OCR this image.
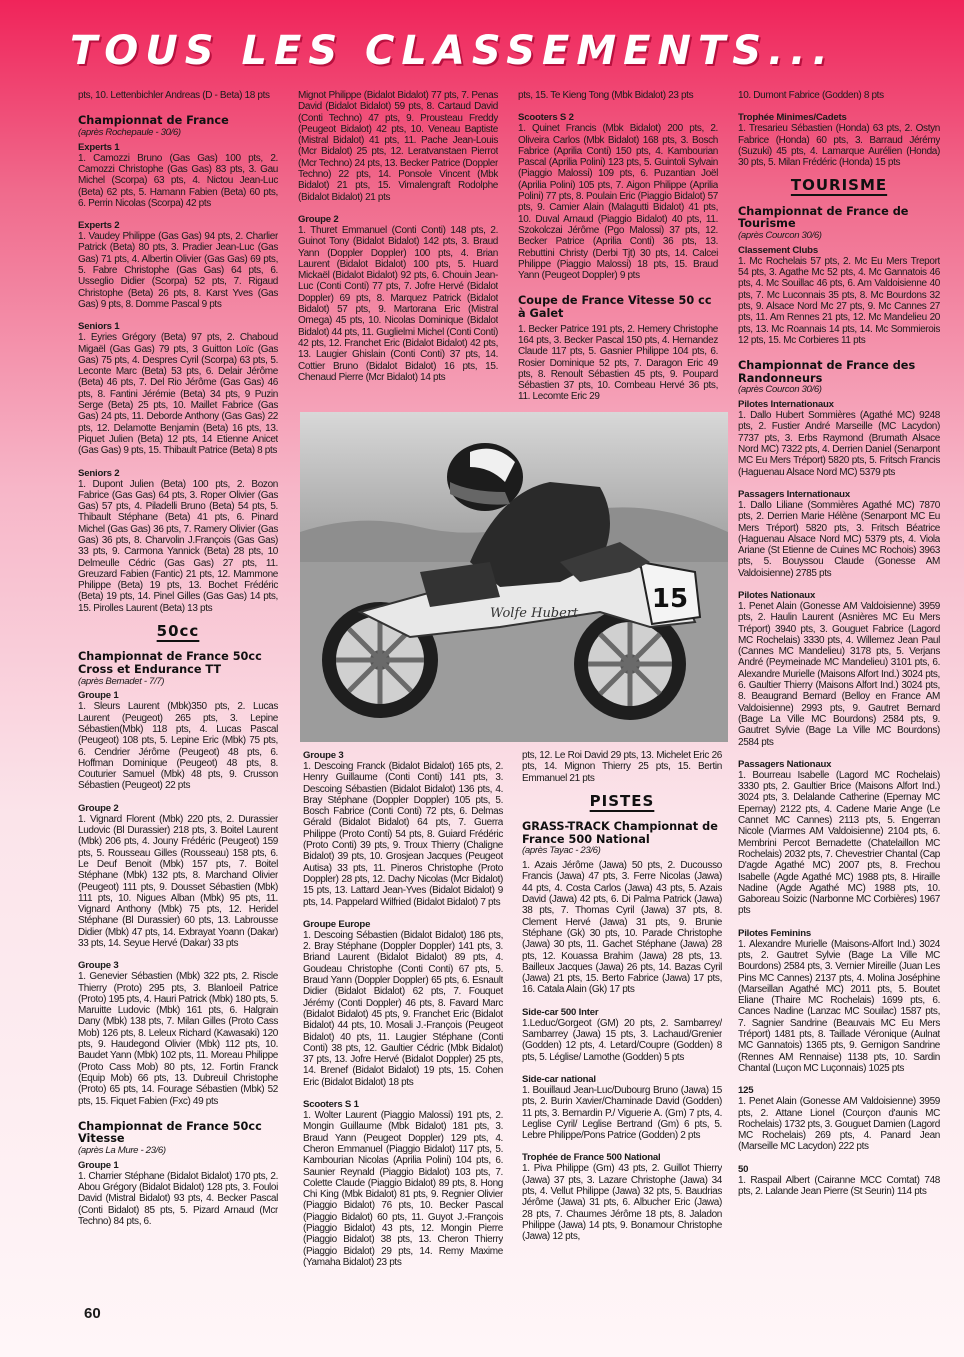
TOUS LES CLASSEMENTS...

pts, 10. Lettenbichler Andreas (D - Beta) 18 pts

Championnat de France
(après Rochepaule - 30/6)
Experts 1

1. Camozzi Bruno (Gas Gas) 100 pts, 2. Camozzi Christophe (Gas Gas) 83 pts, 3. Gau Michel (Scorpa) 63 pts, 4. Nictou Jean-Luc (Beta) 62 pts, 5. Hamann Fabien (Beta) 60 pts, 6. Perrin Nicolas (Scorpa) 42 pts

Experts 2

1. Vaudey Philippe (Gas Gas) 94 pts, 2. Charlier Patrick (Beta) 80 pts, 3. Pradier Jean-Luc (Gas Gas) 71 pts, 4. Albertin Olivier (Gas Gas) 69 pts, 5. Fabre Christophe (Gas Gas) 64 pts, 6. Usseglio Didier (Scorpa) 52 pts, 7. Rigaud Christophe (Beta) 26 pts, 8. Karst Yves (Gas Gas) 9 pts, 8. Domme Pascal 9 pts

Seniors 1

1. Eyries Grégory (Beta) 97 pts, 2. Chaboud Migaël (Gas Gas) 79 pts, 3 Guitton Loïc (Gas Gas) 75 pts, 4. Despres Cyril (Scorpa) 63 pts, 5. Leconte Marc (Beta) 53 pts, 6. Delair Jérôme (Beta) 46 pts, 7. Del Rio Jérôme (Gas Gas) 46 pts, 8. Fantini Jérémie (Beta) 34 pts, 9 Puzin Serge (Beta) 25 pts, 10. Maillet Fabrice (Gas Gas) 24 pts, 11. Deborde Anthony (Gas Gas) 22 pts, 12. Delamotte Benjamin (Beta) 16 pts, 13. Piquet Julien (Beta) 12 pts, 14 Etienne Anicet (Gas Gas) 9 pts, 15. Thibault Patrice (Beta) 8 pts

Seniors 2

1. Dupont Julien (Beta) 100 pts, 2. Bozon Fabrice (Gas Gas) 64 pts, 3. Roper Olivier (Gas Gas) 57 pts, 4. Piladelli Bruno (Beta) 54 pts, 5. Thibault Stéphane (Beta) 41 pts, 6. Pinard Michel (Gas Gas) 36 pts, 7. Ramery Olivier (Gas Gas) 36 pts, 8. Charvolin J.François (Gas Gas) 33 pts, 9. Carmona Yannick (Beta) 28 pts, 10 Delmeulle Cédric (Gas Gas) 27 pts, 11. Greuzard Fabien (Fantic) 21 pts, 12. Mammone Philippe (Beta) 19 pts, 13. Bochet Frédéric (Beta) 19 pts, 14. Pinel Gilles (Gas Gas) 14 pts, 15. Pirolles Laurent (Beta) 13 pts

50cc
Championnat de France 50cc Cross et Endurance TT
(après Bernadet - 7/7)
Groupe 1

1. Sleurs Laurent (Mbk)350 pts, 2. Lucas Laurent (Peugeot) 265 pts, 3. Lepine Sébastien(Mbk) 118 pts, 4. Lucas Pascal (Peugeot) 108 pts, 5. Lepine Eric (Mbk) 75 pts, 6. Cendrier Jérôme (Peugeot) 48 pts, 6. Hoffman Dominique (Peugeot) 48 pts, 8. Couturier Samuel (Mbk) 48 pts, 9. Crusson Sébastien (Peugeot) 22 pts

Groupe 2

1. Vignard Florent (Mbk) 220 pts, 2. Durassier Ludovic (Bl Durassier) 218 pts, 3. Boitel Laurent (Mbk) 206 pts, 4. Jouny Frédéric (Peugeot) 159 pts, 5. Rousseau Gilles (Rousseau) 158 pts, 6. Le Deuf Benoit (Mbk) 157 pts, 7. Boitel Stéphane (Mbk) 132 pts, 8. Marchand Olivier (Peugeot) 111 pts, 9. Dousset Sébastien (Mbk) 111 pts, 10. Nigues Alban (Mbk) 95 pts, 11. Vignard Anthony (Mbk) 75 pts, 12. Heridel Stéphane (Bl Durassier) 60 pts, 13. Labrousse Didier (Mbk) 47 pts, 14. Exbrayat Yoann (Dakar) 33 pts, 14. Seyue Hervé (Dakar) 33 pts

Groupe 3

1. Genevier Sébastien (Mbk) 322 pts, 2. Riscle Thierry (Proto) 295 pts, 3. Blanloeil Patrice (Proto) 195 pts, 4. Hauri Patrick (Mbk) 180 pts, 5. Maruitte Ludovic (Mbk) 161 pts, 6. Halgrain Dany (Mbk) 138 pts, 7. Milan Gilles (Proto Cass Mob) 126 pts, 8. Leleux Richard (Kawasaki) 120 pts, 9. Haudegond Olivier (Mbk) 112 pts, 10. Baudet Yann (Mbk) 102 pts, 11. Moreau Philippe (Proto Cass Mob) 80 pts, 12. Fortin Franck (Equip Mob) 66 pts, 13. Dubreuil Christophe (Proto) 65 pts, 14. Fourage Sébastien (Mbk) 52 pts, 15. Fiquet Fabien (Fxc) 49 pts

Championnat de France 50cc Vitesse
(après La Mure - 23/6)
Groupe 1

1. Charrier Stéphane (Bidalot Bidalot) 170 pts, 2. Abou Grégory (Bidalot Bidalot) 128 pts, 3. Fouloi David (Mistral Bidalot) 93 pts, 4. Becker Pascal (Conti Bidalot) 85 pts, 5. Pizard Arnaud (Mcr Techno) 84 pts, 6.

Mignot Philippe (Bidalot Bidalot) 77 pts, 7. Penas David (Bidalot Bidalot) 59 pts, 8. Cartaud David (Conti Techno) 47 pts, 9. Prousteau Freddy (Peugeot Bidalot) 42 pts, 10. Veneau Baptiste (Mistral Bidalot) 41 pts, 11. Pache Jean-Louis (Mcr Bidalot) 25 pts, 12. Leratvanstaen Pierrot (Mcr Techno) 24 pts, 13. Becker Patrice (Doppler Techno) 22 pts, 14. Ponsole Vincent (Mbk Bidalot) 21 pts, 15. Vimalengraft Rodolphe (Bidalot Bidalot) 21 pts

Groupe 2

1. Thuret Emmanuel (Conti Conti) 148 pts, 2. Guinot Tony (Bidalot Bidalot) 142 pts, 3. Braud Yann (Doppler Doppler) 100 pts, 4. Brian Laurent (Bidalot Bidalot) 100 pts, 5. Huard Mickaël (Bidalot Bidalot) 92 pts, 6. Chouin Jean-Luc (Conti Conti) 77 pts, 7. Jofre Hervé (Bidalot Doppler) 69 pts, 8. Marquez Patrick (Bidalot Bidalot) 57 pts, 9. Martorana Eric (Mistral Omega) 45 pts, 10. Nicolas Dominique (Bidalot Bidalot) 44 pts, 11. Guglielmi Michel (Conti Conti) 42 pts, 12. Franchet Eric (Bidalot Bidalot) 42 pts, 13. Laugier Ghislain (Conti Conti) 37 pts, 14. Cottier Bruno (Bidalot Bidalot) 16 pts, 15. Chenaud Pierre (Mcr Bidalot) 14 pts

pts, 15. Te Kieng Tong (Mbk Bidalot) 23 pts

Scooters S 2

1. Quinet Francis (Mbk Bidalot) 200 pts, 2. Oliveira Carlos (Mbk Bidalot) 168 pts, 3. Bosch Fabrice (Aprilia Conti) 150 pts, 4. Kambourian Pascal (Aprilia Polini) 123 pts, 5. Guintoli Sylvain (Piaggio Malossi) 109 pts, 6. Puzantian Joël (Aprilia Polini) 105 pts, 7. Aigon Philippe (Aprilia Polini) 77 pts, 8. Poulain Eric (Piaggio Bidalot) 57 pts, 9. Camier Alain (Malagutti Bidalot) 41 pts, 10. Duval Arnaud (Piaggio Bidalot) 40 pts, 11. Szokolczai Jérôme (Pgo Malossi) 37 pts, 12. Becker Patrice (Aprilia Conti) 36 pts, 13. Rebuttini Christy (Derbi Tjt) 30 pts, 14. Calcei Philippe (Piaggio Malossi) 18 pts, 15. Braud Yann (Peugeot Doppler) 9 pts

Coupe de France Vitesse 50 cc à Galet

1. Becker Patrice 191 pts, 2. Hemery Christophe 164 pts, 3. Becker Pascal 150 pts, 4. Hernandez Claude 117 pts, 5. Gasnier Philippe 104 pts, 6. Rosier Dominique 52 pts, 7. Daragon Eric 49 pts, 8. Renoult Sébastien 45 pts, 9. Poupard Sébastien 37 pts, 10. Combeau Hervé 36 pts, 11. Lecomte Eric 29

Groupe 3

1. Descoing Franck (Bidalot Bidalot) 165 pts, 2. Henry Guillaume (Conti Conti) 141 pts, 3. Descoing Sébastien (Bidalot Bidalot) 136 pts, 4. Bray Stéphane (Doppler Doppler) 105 pts, 5. Bosch Fabrice (Conti Conti) 72 pts, 6. Delmas Gérald (Bidalot Bidalot) 64 pts, 7. Guerra Philippe (Proto Conti) 54 pts, 8. Guiard Frédéric (Proto Conti) 39 pts, 9. Troux Thierry (Chaligne Bidalot) 39 pts, 10. Grosjean Jacques (Peugeot Autisa) 33 pts, 11. Pineros Christophe (Proto Doppler) 28 pts, 12. Dachy Nicolas (Mcr Bidalot) 15 pts, 13. Lattard Jean-Yves (Bidalot Bidalot) 9 pts, 14. Pappelard Wilfried (Bidalot Bidalot) 7 pts

Groupe Europe

1. Descoing Sébastien (Bidalot Bidalot) 186 pts, 2. Bray Stéphane (Doppler Doppler) 141 pts, 3. Briand Laurent (Bidalot Bidalot) 89 pts, 4. Goudeau Christophe (Conti Conti) 67 pts, 5. Braud Yann (Doppler Doppler) 65 pts, 6. Esnault Didier (Bidalot Bidalot) 62 pts, 7. Fouquet Jérémy (Conti Doppler) 46 pts, 8. Favard Marc (Bidalot Bidalot) 45 pts, 9. Franchet Eric (Bidalot Bidalot) 44 pts, 10. Mosali J.-François (Peugeot Bidalot) 40 pts, 11. Laugier Stéphane (Conti Conti) 38 pts, 12. Gaultier Cédric (Mbk Bidalot) 37 pts, 13. Jofre Hervé (Bidalot Doppler) 25 pts, 14. Brenef (Bidalot Bidalot) 19 pts, 15. Cohen Eric (Bidalot Bidalot) 18 pts

Scooters S 1

1. Wolter Laurent (Piaggio Malossi) 191 pts, 2. Mongin Guillaume (Mbk Bidalot) 181 pts, 3. Braud Yann (Peugeot Doppler) 129 pts, 4. Cheron Emmanuel (Piaggio Bidalot) 117 pts, 5. Kambourian Nicolas (Aprilia Polini) 104 pts, 6. Saunier Reynald (Piaggio Bidalot) 103 pts, 7. Colette Claude (Piaggio Bidalot) 89 pts, 8. Hong Chi King (Mbk Bidalot) 81 pts, 9. Regnier Olivier (Piaggio Bidalot) 76 pts, 10. Becker Pascal (Piaggio Bidalot) 60 pts, 11. Guyot J.-François (Piaggio Bidalot) 43 pts, 12. Mongin Pierre (Piaggio Bidalot) 38 pts, 13. Cheron Thierry (Piaggio Bidalot) 29 pts, 14. Remy Maxime (Yamaha Bidalot) 23 pts

pts, 12. Le Roi David 29 pts, 13. Michelet Eric 26 pts, 14. Mignon Thierry 25 pts, 15. Bertin Emmanuel 21 pts

PISTES
GRASS-TRACK Championnat de France 500 National
(après Tayac - 23/6)

1. Azais Jérôme (Jawa) 50 pts, 2. Ducousso Francis (Jawa) 47 pts, 3. Ferre Nicolas (Jawa) 44 pts, 4. Costa Carlos (Jawa) 43 pts, 5. Azais David (Jawa) 42 pts, 6. Di Palma Patrick (Jawa) 38 pts, 7. Thomas Cyril (Jawa) 37 pts, 8. Clement Hervé (Jawa) 31 pts, 9. Brunie Stéphane (Gk) 30 pts, 10. Parade Christophe (Jawa) 30 pts, 11. Gachet Stéphane (Jawa) 28 pts, 12. Kouassa Brahim (Jawa) 28 pts, 13. Bailleux Jacques (Jawa) 26 pts, 14. Bazas Cyril (Jawa) 21 pts, 15. Berto Fabrice (Jawa) 17 pts, 16. Catala Alain (Gk) 17 pts

Side-car 500 Inter

1.Leduc/Gorgeot (GM) 20 pts, 2. Sambarrey/ Sambarrey (Jawa) 15 pts, 3. Lachaud/Grenier (Godden) 12 pts, 4. Letard/Coupre (Godden) 8 pts, 5. Léglise/ Lamothe (Godden) 5 pts

Side-car national

1. Bouillaud Jean-Luc/Dubourg Bruno (Jawa) 15 pts, 2. Burin Xavier/Chaminade David (Godden) 11 pts, 3. Bernardin P./ Viguerie A. (Gm) 7 pts, 4. Leglise Cyril/ Leglise Bertrand (Gm) 6 pts, 5. Lebre Philippe/Pons Patrice (Godden) 2 pts

Trophée de France 500 National

1. Piva Philippe (Gm) 43 pts, 2. Guillot Thierry (Jawa) 37 pts, 3. Lazare Christophe (Jawa) 34 pts, 4. Vellut Philippe (Jawa) 32 pts, 5. Baudrias Jérôme (Jawa) 31 pts, 6. Albucher Eric (Jawa) 28 pts, 7. Chaumes Jérôme 18 pts, 8. Jaladon Philippe (Jawa) 14 pts, 9. Bonamour Christophe (Jawa) 12 pts,

10. Dumont Fabrice (Godden) 8 pts

Trophée Minimes/Cadets

1. Tresarieu Sébastien (Honda) 63 pts, 2. Ostyn Fabrice (Honda) 60 pts, 3. Barraud Jérémy (Suzuki) 45 pts, 4. Lamarque Aurélien (Honda) 30 pts, 5. Milan Frédéric (Honda) 15 pts

TOURISME
Championnat de France de Tourisme
(après Courcon 30/6)
Classement Clubs

1. Mc Rochelais 57 pts, 2. Mc Eu Mers Treport 54 pts, 3. Agathe Mc 52 pts, 4. Mc Gannatois 46 pts, 4. Mc Souillac 46 pts, 6. Am Valdoisienne 40 pts, 7. Mc Luconnais 35 pts, 8. Mc Bourdons 32 pts, 9. Alsace Nord Mc 27 pts, 9. Mc Cannes 27 pts, 11. Am Rennes 21 pts, 12. Mc Mandelieu 20 pts, 13. Mc Roannais 14 pts, 14. Mc Sommierois 12 pts, 15. Mc Corbieres 11 pts

Championnat de France des Randonneurs
(après Courcon 30/6)
Pilotes Internationaux

1. Dallo Hubert Sommières (Agathé MC) 9248 pts, 2. Fustier André Marseille (MC Lacydon) 7737 pts, 3. Erbs Raymond (Brumath Alsace Nord MC) 7322 pts, 4. Derrien Daniel (Senarpont MC Eu Mers Tréport) 5820 pts, 5. Fritsch Francis (Haguenau Alsace Nord MC) 5379 pts

Passagers Internationaux

1. Dallo Liliane (Sommières Agathé MC) 7870 pts, 2. Derrien Marie Hélène (Senarpont MC Eu Mers Tréport) 5820 pts, 3. Fritsch Béatrice (Haguenau Alsace Nord MC) 5379 pts, 4. Viola Ariane (St Etienne de Cuines MC Rochois) 3963 pts, 5. Bouyssou Claude (Gonesse AM Valdoisienne) 2785 pts

Pilotes Nationaux

1. Penet Alain (Gonesse AM Valdoisienne) 3959 pts, 2. Haulin Laurent (Asnières MC Eu Mers Tréport) 3940 pts, 3. Gouguet Fabrice (Lagord MC Rochelais) 3330 pts, 4. Willemez Jean Paul (Cannes MC Mandelieu) 3178 pts, 5. Verjans André (Peymeinade MC Mandelieu) 3101 pts, 6. Alexandre Murielle (Maisons Alfort Ind.) 3024 pts, 6. Gaultier Thierry (Maisons Alfort Ind.) 3024 pts, 8. Beaugrand Bernard (Belloy en France AM Valdoisienne) 2993 pts, 9. Gautret Bernard (Bage La Ville MC Bourdons) 2584 pts, 9. Gautret Sylvie (Bage La Ville MC Bourdons) 2584 pts

Passagers Nationaux

1. Bourreau Isabelle (Lagord MC Rochelais) 3330 pts, 2. Gaultier Brice (Maisons Alfort Ind.) 3024 pts, 3. Delalande Catherine (Epernay MC Epernay) 2122 pts, 4. Cadene Marie Ange (Le Cannet MC Cannes) 2113 pts, 5. Engerran Nicole (Viarmes AM Valdoisienne) 2104 pts, 6. Membrini Percot Bernadette (Chatelaillon MC Rochelais) 2032 pts, 7. Chevestrier Chantal (Cap D'agde Agathé MC) 2007 pts, 8. Frechou Isabelle (Agde Agathé MC) 1988 pts, 8. Hiraille Nadine (Agde Agathé MC) 1988 pts, 10. Gaboreau Soizic (Narbonne MC Corbières) 1967 pts

Pilotes Feminins

1. Alexandre Murielle (Maisons-Alfort Ind.) 3024 pts, 2. Gautret Sylvie (Bage La Ville MC Bourdons) 2584 pts, 3. Vernier Mireille (Juan Les Pins MC Cannes) 2137 pts, 4. Molina Joséphine (Marseillan Agathé MC) 2011 pts, 5. Boutet Eliane (Thaire MC Rochelais) 1699 pts, 6. Cances Nadine (Lanzac MC Souilac) 1587 pts, 7. Sagnier Sandrine (Beauvais MC Eu Mers Tréport) 1481 pts, 8. Taillade Véronique (Aulnat MC Gannatois) 1365 pts, 9. Gernigon Sandrine (Rennes AM Rennaise) 1138 pts, 10. Sardin Chantal (Luçon MC Luçonnais) 1025 pts

125

1. Penet Alain (Gonesse AM Valdoisienne) 3959 pts, 2. Attane Lionel (Courçon d'aunis MC Rochelais) 1732 pts, 3. Gouguet Damien (Lagord MC Rochelais) 269 pts, 4. Panard Jean (Marseille MC Lacydon) 222 pts

50

1. Raspail Albert (Cairanne MCC Comtat) 748 pts, 2. Lalande Jean Pierre (St Seurin) 114 pts

15
Wolfe Hubert
60
